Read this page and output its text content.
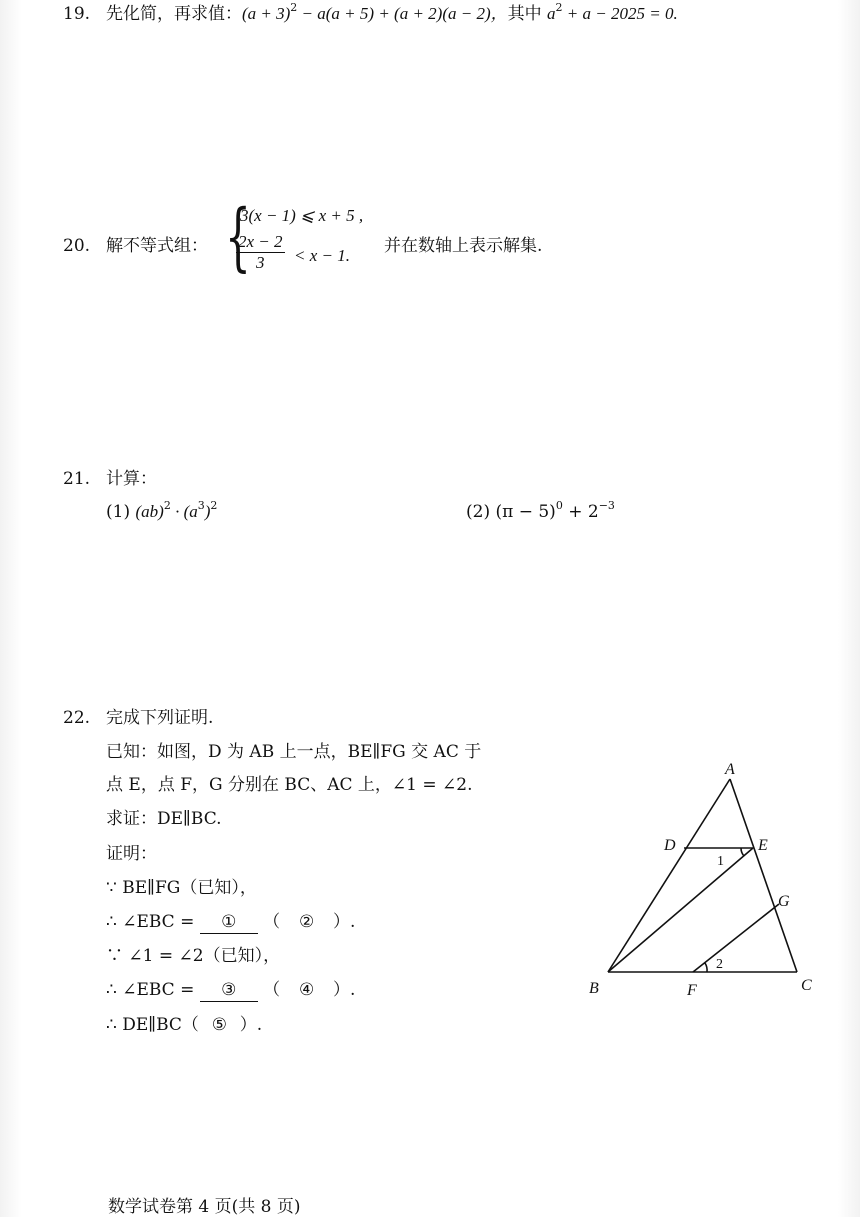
19. 先化简，再求值：$(a + 3)^2 - a(a + 5) + (a + 2)(a - 2)$，其中 $a^2 + a - 2025 = 0$.
20. 解不等式组： {
3(x − 1) ⩽ x + 5 ,
$\frac{2x - 2}{3} < x - 1$. 并在数轴上表示解集.
21. 计算：
(1) $(ab)^2 \cdot (a^3)^2$	(2) $(\pi - 5)^0 + 2^{-3}$
22. 完成下列证明.
已知：如图，D 为 AB 上一点，BE∥FG 交 AC 于
点 E，点 F，G 分别在 BC、AC 上，∠1 = ∠2.
求证：DE∥BC.
证明：
∵ BE∥FG（已知），
∴ ∠EBC = ① （ ② ）.
∵ ∠1 = ∠2（已知），
∴ ∠EBC = ③ （ ④ ）.
∴ DE∥BC（ ⑤ ）.
A
D	E
G
B	F	C
1
2
数学试卷第 4 页(共 8 页)
